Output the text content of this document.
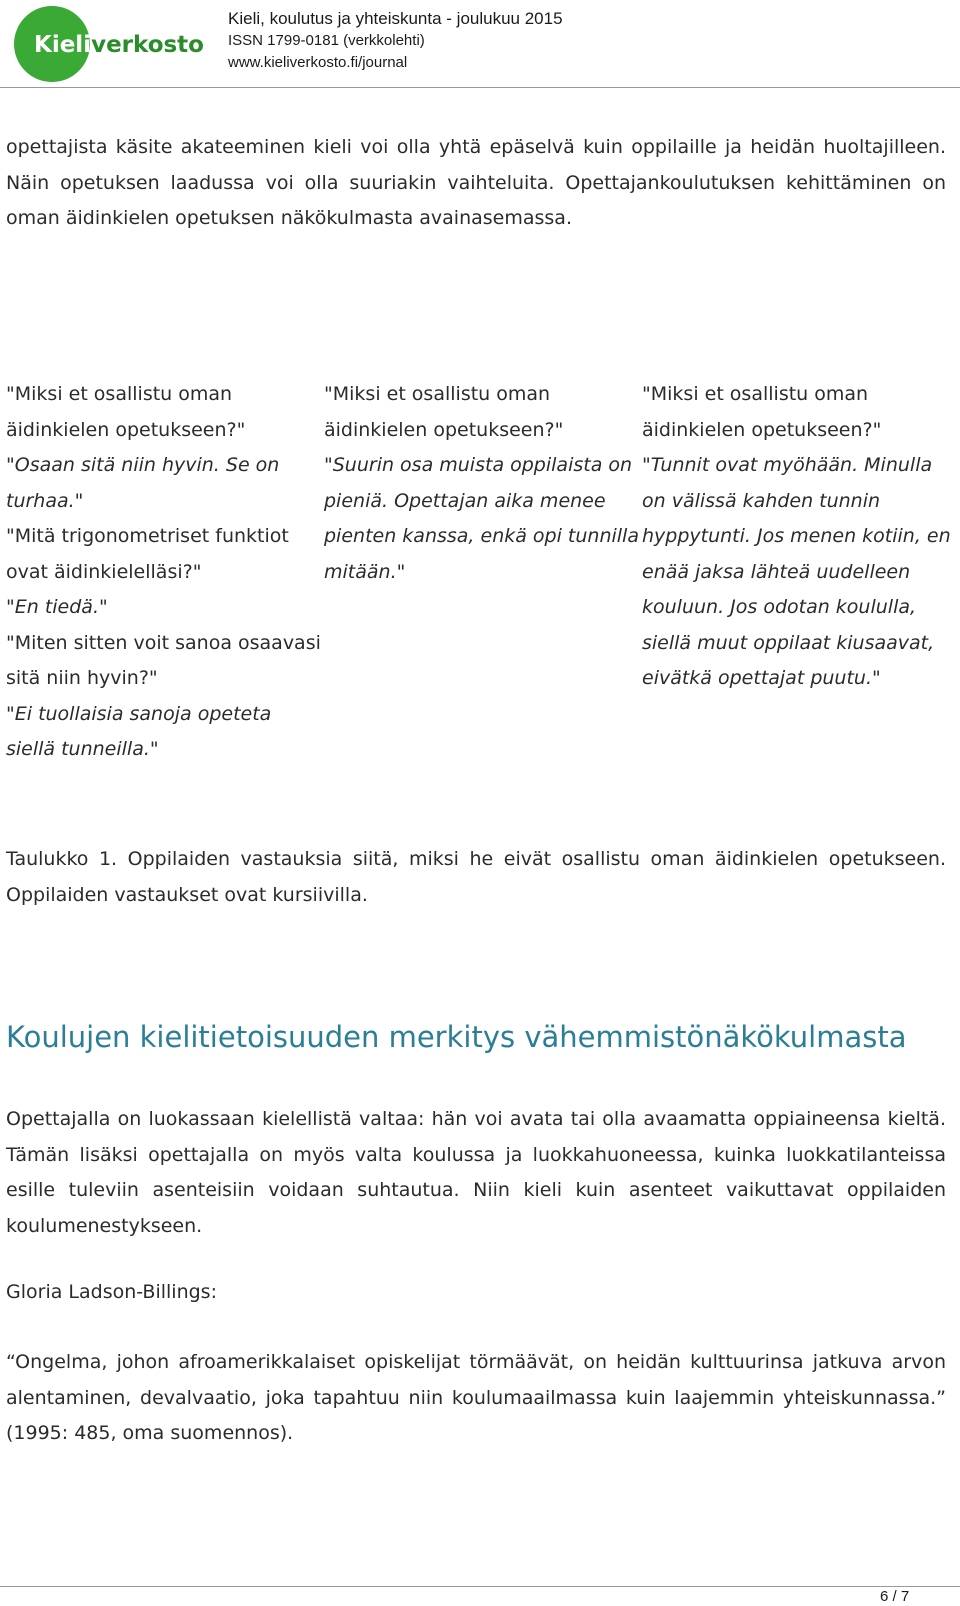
Kieliverkosto
Kieli, koulutus ja yhteiskunta - joulukuu 2015
ISSN 1799-0181 (verkkolehti)
www.kieliverkosto.fi/journal
opettajista käsite akateeminen kieli voi olla yhtä epäselvä kuin oppilaille ja heidän huoltajilleen. Näin opetuksen laadussa voi olla suuriakin vaihteluita. Opettajankoulutuksen kehittäminen on oman äidinkielen opetuksen näkökulmasta avainasemassa.
"Miksi et osallistu oman äidinkielen opetukseen?"
"Osaan sitä niin hyvin. Se on turhaa."
"Mitä trigonometriset funktiot ovat äidinkielelläsi?"
"En tiedä."
"Miten sitten voit sanoa osaavasi sitä niin hyvin?"
"Ei tuollaisia sanoja opeteta siellä tunneilla."
"Miksi et osallistu oman äidinkielen opetukseen?"
"Suurin osa muista oppilaista on pieniä. Opettajan aika menee pienten kanssa, enkä opi tunnilla mitään."
"Miksi et osallistu oman äidinkielen opetukseen?"
"Tunnit ovat myöhään. Minulla on välissä kahden tunnin hyppytunti. Jos menen kotiin, en enää jaksa lähteä uudelleen kouluun. Jos odotan koululla, siellä muut oppilaat kiusaavat, eivätkä opettajat puutu."
Taulukko 1. Oppilaiden vastauksia siitä, miksi he eivät osallistu oman äidinkielen opetukseen. Oppilaiden vastaukset ovat kursiivilla.
Koulujen kielitietoisuuden merkitys vähemmistönäkökulmasta
Opettajalla on luokassaan kielellistä valtaa: hän voi avata tai olla avaamatta oppiaineensa kieltä. Tämän lisäksi opettajalla on myös valta koulussa ja luokkahuoneessa, kuinka luokkatilanteissa esille tuleviin asenteisiin voidaan suhtautua. Niin kieli kuin asenteet vaikuttavat oppilaiden koulumenestykseen.
Gloria Ladson-Billings:
“Ongelma, johon afroamerikkalaiset opiskelijat törmäävät, on heidän kulttuurinsa jatkuva arvon alentaminen, devalvaatio, joka tapahtuu niin koulumaailmassa kuin laajemmin yhteiskunnassa.” (1995: 485, oma suomennos).
6 / 7
